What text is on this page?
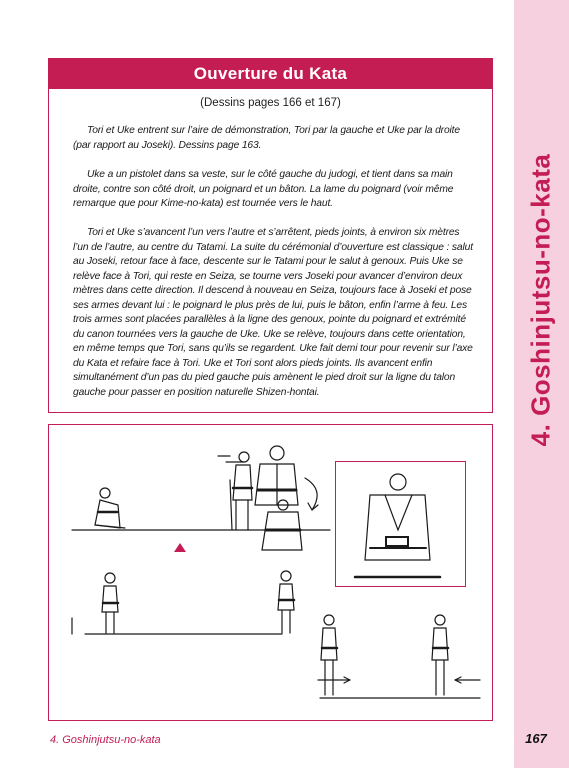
4. Goshinjutsu-no-kata
Ouverture du Kata
(Dessins pages 166 et 167)

Tori et Uke entrent sur l’aire de démonstration, Tori par la gauche et Uke par la droite (par rapport au Joseki). Dessins page 163.

Uke a un pistolet dans sa veste, sur le côté gauche du judogi, et tient dans sa main droite, contre son côté droit, un poignard et un bâton. La lame du poignard (voir même remarque que pour Kime-no-kata) est tournée vers le haut.

Tori et Uke s’avancent l’un vers l’autre et s’arrêtent, pieds joints, à environ six mètres l’un de l’autre, au centre du Tatami. La suite du cérémonial d’ouverture est classique : salut au Joseki, retour face à face, descente sur le Tatami pour le salut à genoux. Puis Uke se relève face à Tori, qui reste en Seiza, se tourne vers Joseki pour avancer d’environ deux mètres dans cette direction. Il descend à nouveau en Seiza, toujours face à Joseki et pose ses armes devant lui : le poignard le plus près de lui, puis le bâton, enfin l’arme à feu. Les trois armes sont placées parallèles à la ligne des genoux, pointe du poignard et extrémité du canon tournées vers la gauche de Uke. Uke se relève, toujours dans cette orientation, en même temps que Tori, sans qu’ils se regardent. Uke fait demi tour pour revenir sur l’axe du Kata et refaire face à Tori. Uke et Tori sont alors pieds joints. Ils avancent enfin simultanément d’un pas du pied gauche puis amènent le pied droit sur la ligne du talon gauche pour passer en position naturelle Shizen-hontai.

4. Goshinjutsu-no-kata	167
